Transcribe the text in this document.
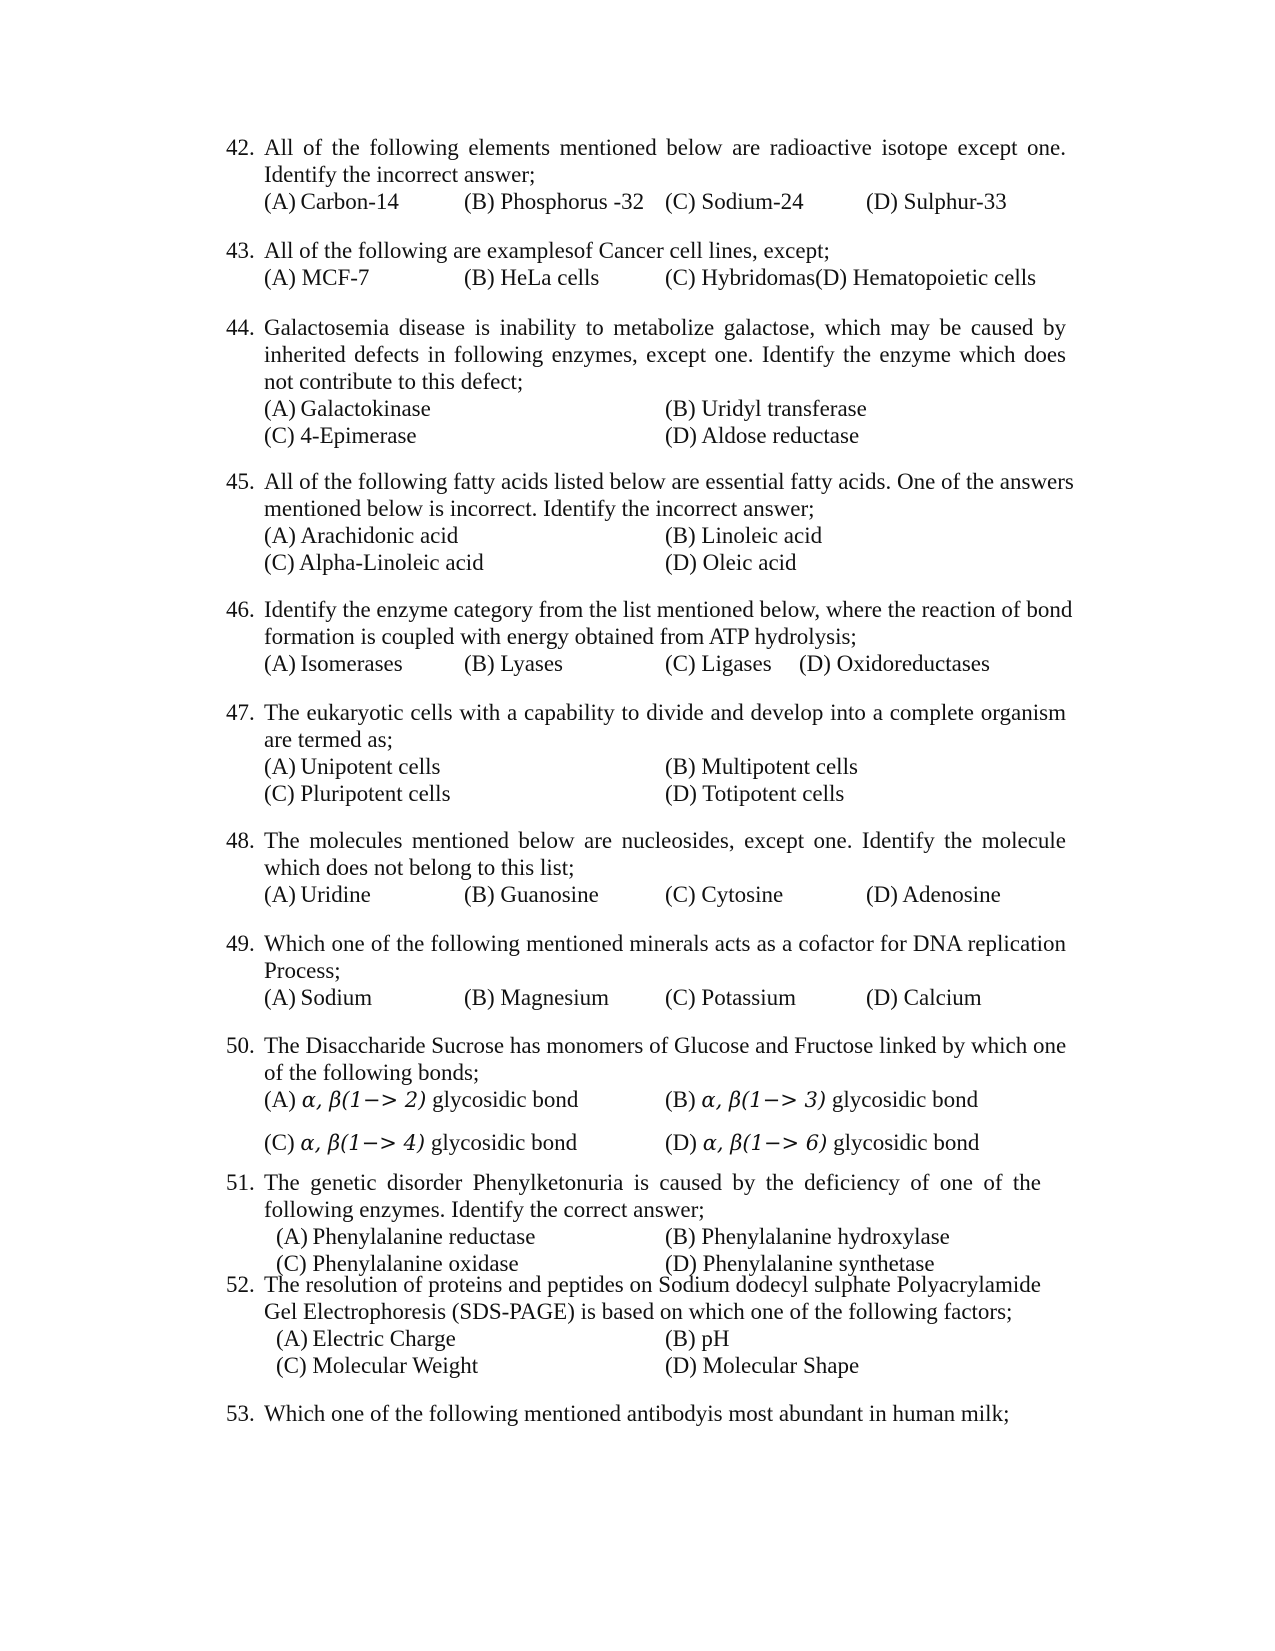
42. All of the following elements mentioned below are radioactive isotope except one.
Identify the incorrect answer;
(A) Carbon-14	(B) Phosphorus -32 (C) Sodium-24	(D) Sulphur-33
43. All of the following are examplesof Cancer cell lines, except;
(A) MCF-7	(B) HeLa cells	(C) Hybridomas(D) Hematopoietic cells
44. Galactosemia disease is inability to metabolize galactose, which may be caused by
inherited defects in following enzymes, except one. Identify the enzyme which does
not contribute to this defect;
(A) Galactokinase	(B) Uridyl transferase
(C) 4-Epimerase	(D) Aldose reductase
45. All of the following fatty acids listed below are essential fatty acids. One of the answers
mentioned below is incorrect. Identify the incorrect answer;
(A) Arachidonic acid	(B) Linoleic acid
(C) Alpha-Linoleic acid	(D) Oleic acid
46. Identify the enzyme category from the list mentioned below, where the reaction of bond
formation is coupled with energy obtained from ATP hydrolysis;
(A) Isomerases	(B) Lyases	(C) Ligases (D) Oxidoreductases
47. The eukaryotic cells with a capability to divide and develop into a complete organism
are termed as;
(A) Unipotent cells	(B) Multipotent cells
(C) Pluripotent cells	(D) Totipotent cells
48. The molecules mentioned below are nucleosides, except one. Identify the molecule
which does not belong to this list;
(A) Uridine	(B) Guanosine	(C) Cytosine	(D) Adenosine
49. Which one of the following mentioned minerals acts as a cofactor for DNA replication
Process;
(A) Sodium	(B) Magnesium (C) Potassium	(D) Calcium
50. The Disaccharide Sucrose has monomers of Glucose and Fructose linked by which one
of the following bonds;
(A) α, β(1−> 2) glycosidic bond	(B) α, β(1−> 3) glycosidic bond
(C) α, β(1−> 4) glycosidic bond	(D) α, β(1−> 6) glycosidic bond
51. The genetic disorder Phenylketonuria is caused by the deficiency of one of the
following enzymes. Identify the correct answer;
(A) Phenylalanine reductase	(B) Phenylalanine hydroxylase
(C) Phenylalanine oxidase	(D) Phenylalanine synthetase
52. The resolution of proteins and peptides on Sodium dodecyl sulphate Polyacrylamide
Gel Electrophoresis (SDS-PAGE) is based on which one of the following factors;
(A) Electric Charge	(B) pH
(C) Molecular Weight	(D) Molecular Shape
53. Which one of the following mentioned antibodyis most abundant in human milk;
